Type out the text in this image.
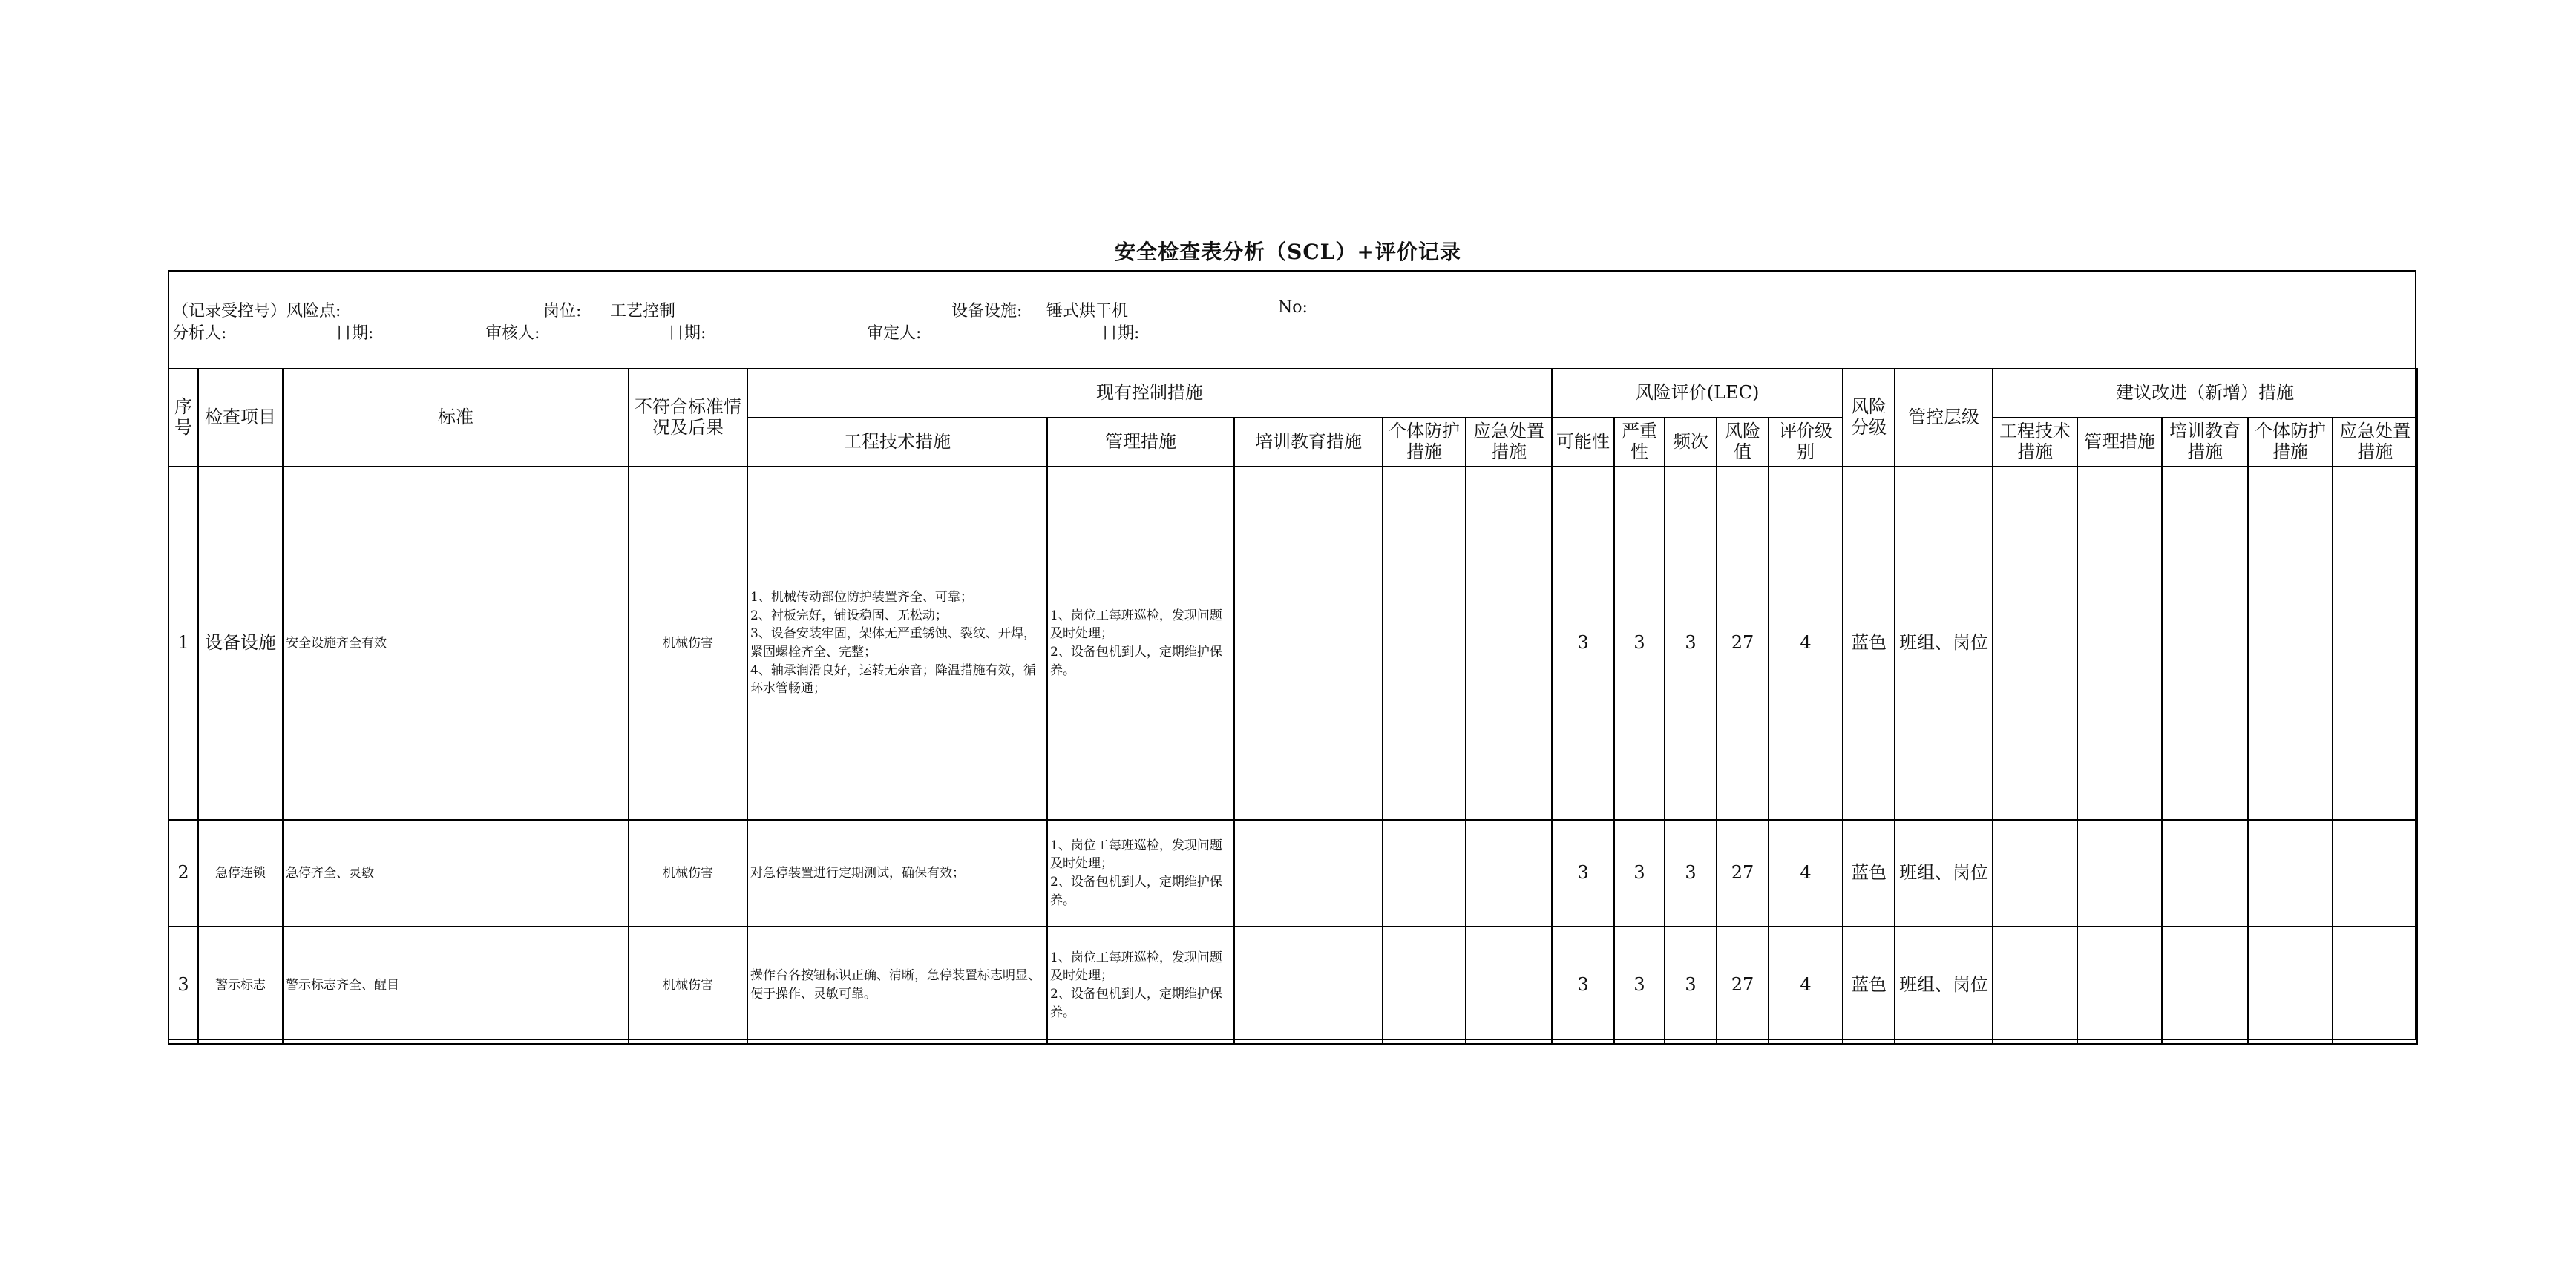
安全检查表分析（SCL）+评价记录
（记录受控号）风险点:	岗位: 工艺控制	设备设施: 锤式烘干机	No:
分析人:	日期:	审核人:	日期:	审定人:	日期:
序号	检查项目	标准	不符合标准情
况及后果	现有控制措施					风险评价(LEC)					风险分级	管控层级	建议改进（新增）措施				
				工程技术措施	管理措施	培训教育措施	个体防护措施	应急处置措施	可能性	严重性	频次	风险值	评价级别			工程技术措施	管理措施	培训教育措施	个体防护措施	应急处置措施
1	设备设施	安全设施齐全有效	机械伤害	1、机械传动部位防护装置齐全、可靠；
2、衬板完好，铺设稳固、无松动；
3、设备安装牢固，架体无严重锈蚀、裂纹、开焊，紧固螺栓齐全、完整；
4、轴承润滑良好，运转无杂音；降温措施有效，循环水管畅通；	1、岗位工每班巡检，发现问题及时处理；
2、设备包机到人，定期维护保养。				3	3	3	27	4	蓝色	班组、岗位					
2	急停连锁	急停齐全、灵敏	机械伤害	对急停装置进行定期测试，确保有效；	1、岗位工每班巡检，发现问题及时处理；
2、设备包机到人，定期维护保养。				3	3	3	27	4	蓝色	班组、岗位					
3	警示标志	警示标志齐全、醒目	机械伤害	操作台各按钮标识正确、清晰，急停装置标志明显、便于操作、灵敏可靠。	1、岗位工每班巡检，发现问题及时处理；
2、设备包机到人，定期维护保养。				3	3	3	27	4	蓝色	班组、岗位					
